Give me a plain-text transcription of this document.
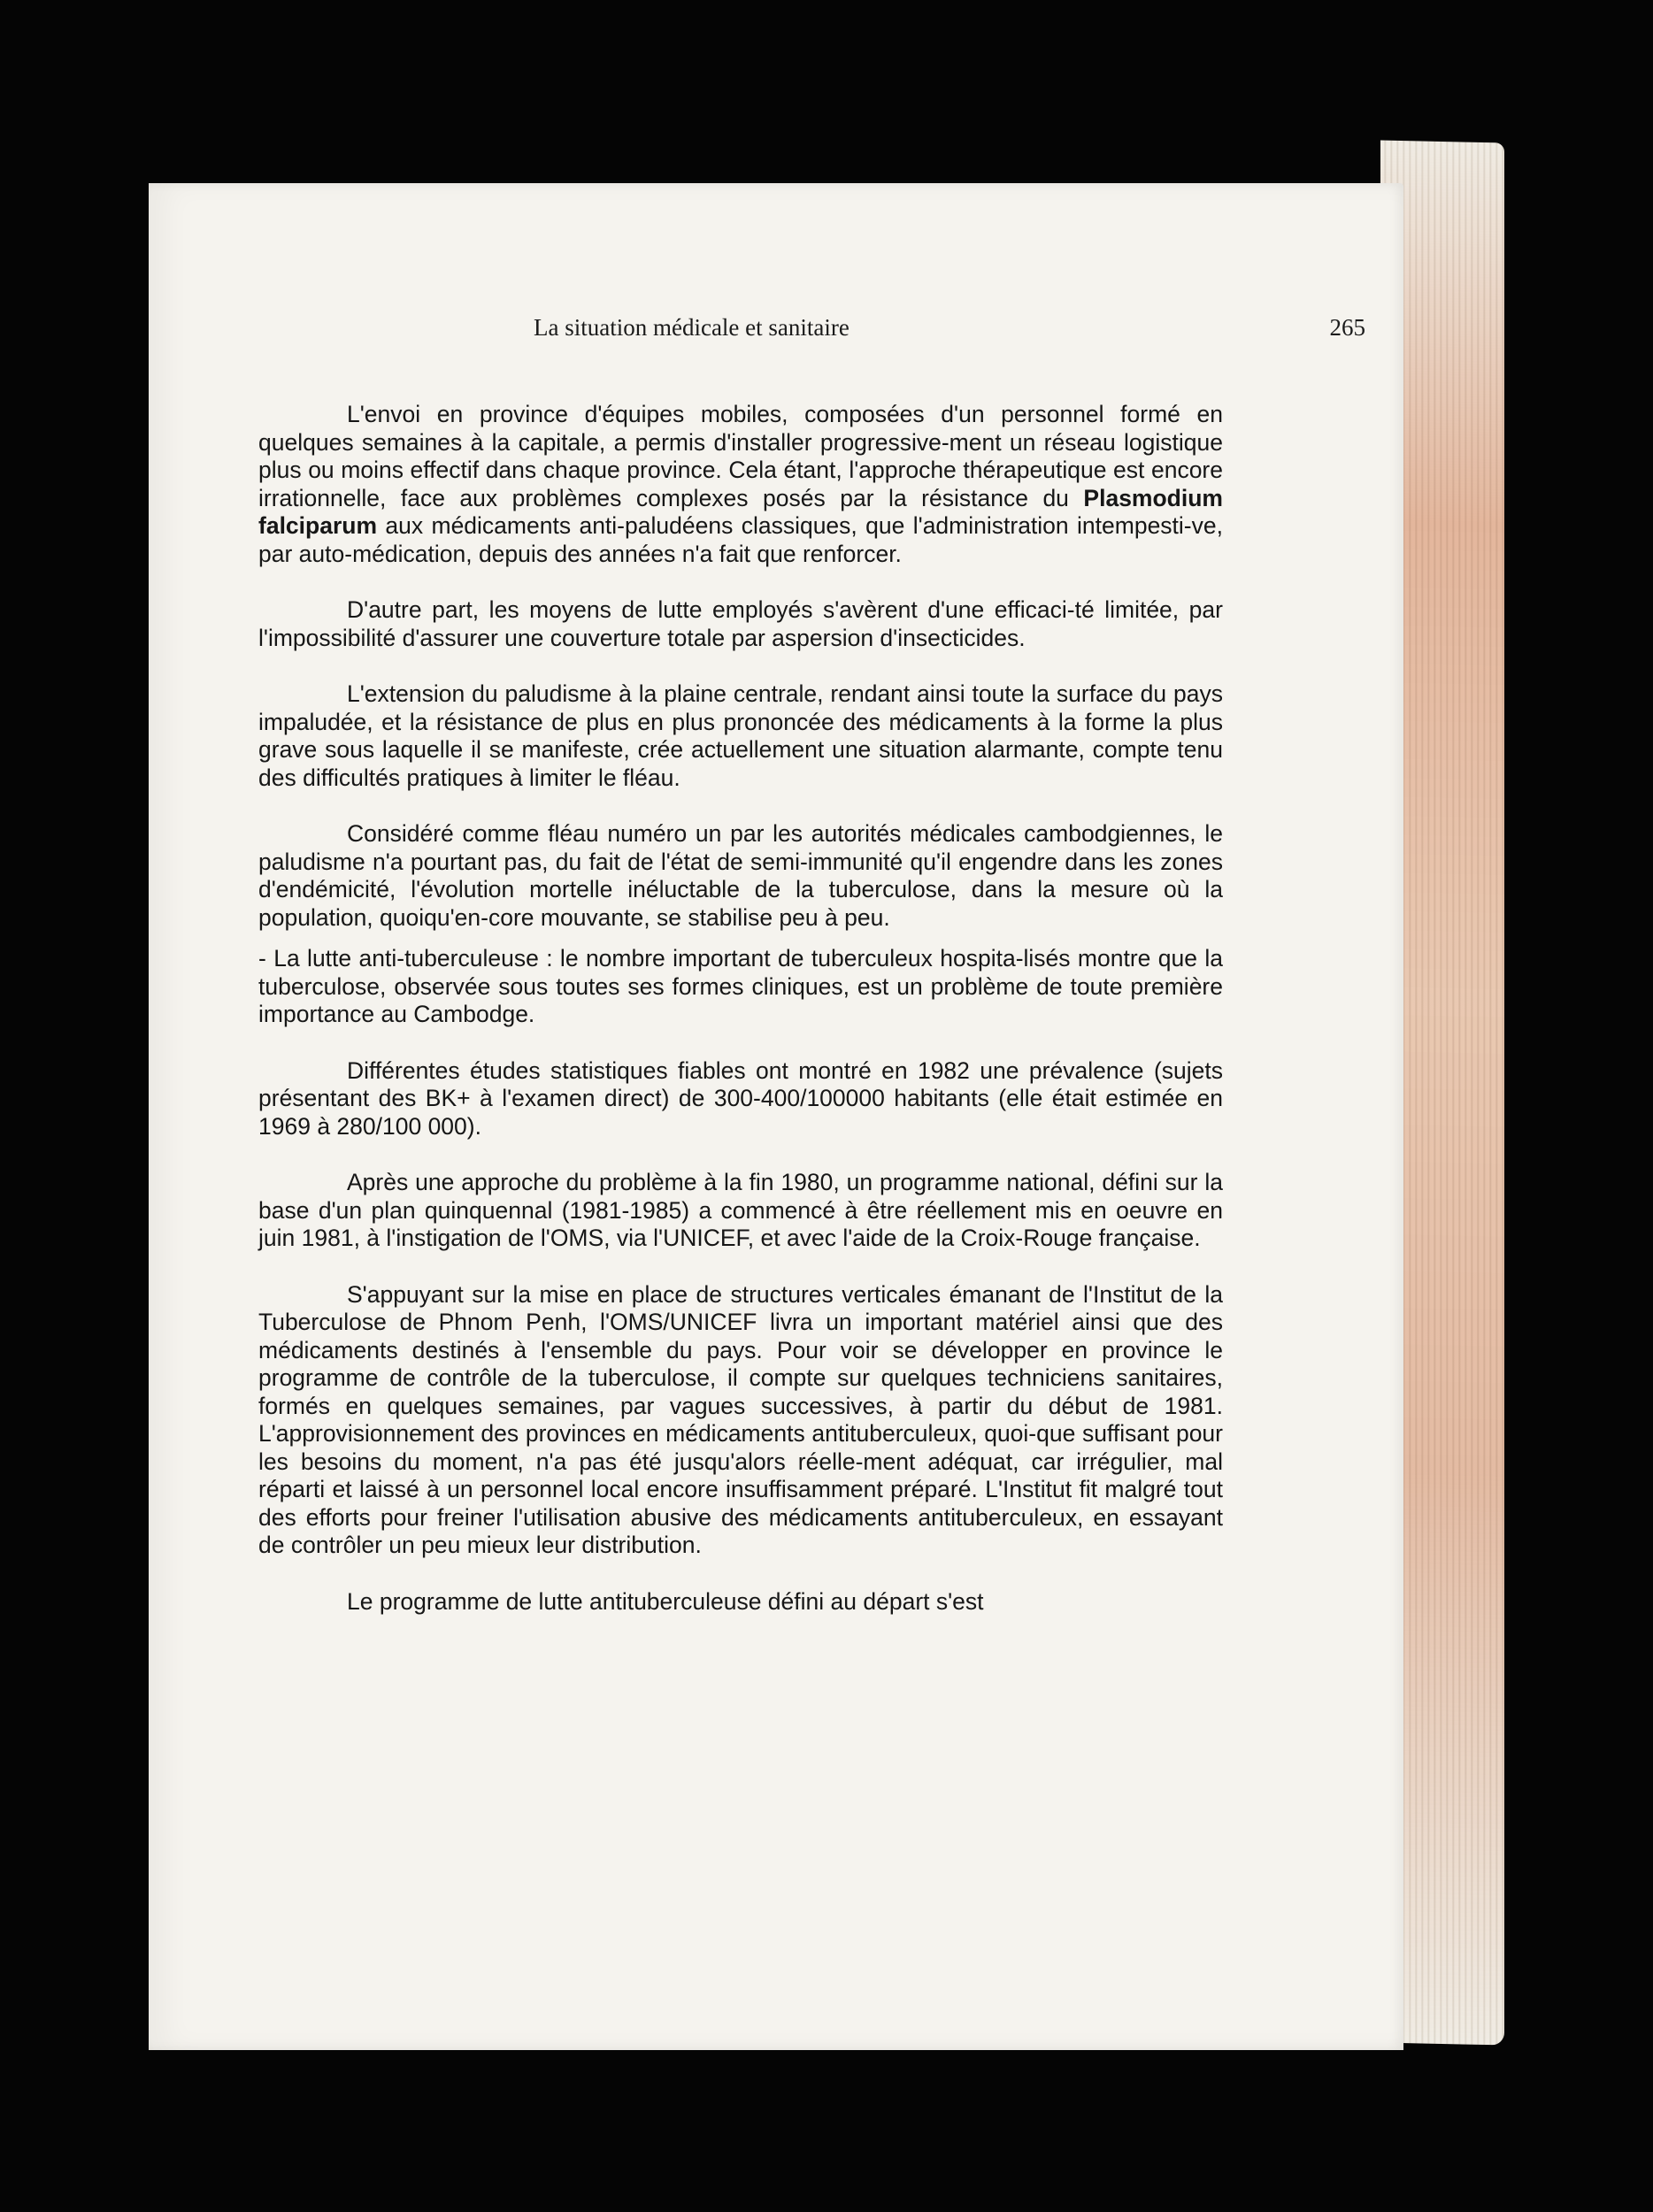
La situation médicale et sanitaire	265

L'envoi en province d'équipes mobiles, composées d'un personnel formé en quelques semaines à la capitale, a permis d'installer progressive-ment un réseau logistique plus ou moins effectif dans chaque province. Cela étant, l'approche thérapeutique est encore irrationnelle, face aux problèmes complexes posés par la résistance du Plasmodium falciparum aux médicaments anti-paludéens classiques, que l'administration intempesti-ve, par auto-médication, depuis des années n'a fait que renforcer.

D'autre part, les moyens de lutte employés s'avèrent d'une efficaci-té limitée, par l'impossibilité d'assurer une couverture totale par aspersion d'insecticides.

L'extension du paludisme à la plaine centrale, rendant ainsi toute la surface du pays impaludée, et la résistance de plus en plus prononcée des médicaments à la forme la plus grave sous laquelle il se manifeste, crée actuellement une situation alarmante, compte tenu des difficultés pratiques à limiter le fléau.

Considéré comme fléau numéro un par les autorités médicales cambodgiennes, le paludisme n'a pourtant pas, du fait de l'état de semi-immunité qu'il engendre dans les zones d'endémicité, l'évolution mortelle inéluctable de la tuberculose, dans la mesure où la population, quoiqu'en-core mouvante, se stabilise peu à peu.

- La lutte anti-tuberculeuse : le nombre important de tuberculeux hospita-lisés montre que la tuberculose, observée sous toutes ses formes cliniques, est un problème de toute première importance au Cambodge.

Différentes études statistiques fiables ont montré en 1982 une prévalence (sujets présentant des BK+ à l'examen direct) de 300-400/100000 habitants (elle était estimée en 1969 à 280/100 000).

Après une approche du problème à la fin 1980, un programme national, défini sur la base d'un plan quinquennal (1981-1985) a commencé à être réellement mis en oeuvre en juin 1981, à l'instigation de l'OMS, via l'UNICEF, et avec l'aide de la Croix-Rouge française.

S'appuyant sur la mise en place de structures verticales émanant de l'Institut de la Tuberculose de Phnom Penh, l'OMS/UNICEF livra un important matériel ainsi que des médicaments destinés à l'ensemble du pays. Pour voir se développer en province le programme de contrôle de la tuberculose, il compte sur quelques techniciens sanitaires, formés en quelques semaines, par vagues successives, à partir du début de 1981. L'approvisionnement des provinces en médicaments antituberculeux, quoi-que suffisant pour les besoins du moment, n'a pas été jusqu'alors réelle-ment adéquat, car irrégulier, mal réparti et laissé à un personnel local encore insuffisamment préparé. L'Institut fit malgré tout des efforts pour freiner l'utilisation abusive des médicaments antituberculeux, en essayant de contrôler un peu mieux leur distribution.

Le programme de lutte antituberculeuse défini au départ s'est
